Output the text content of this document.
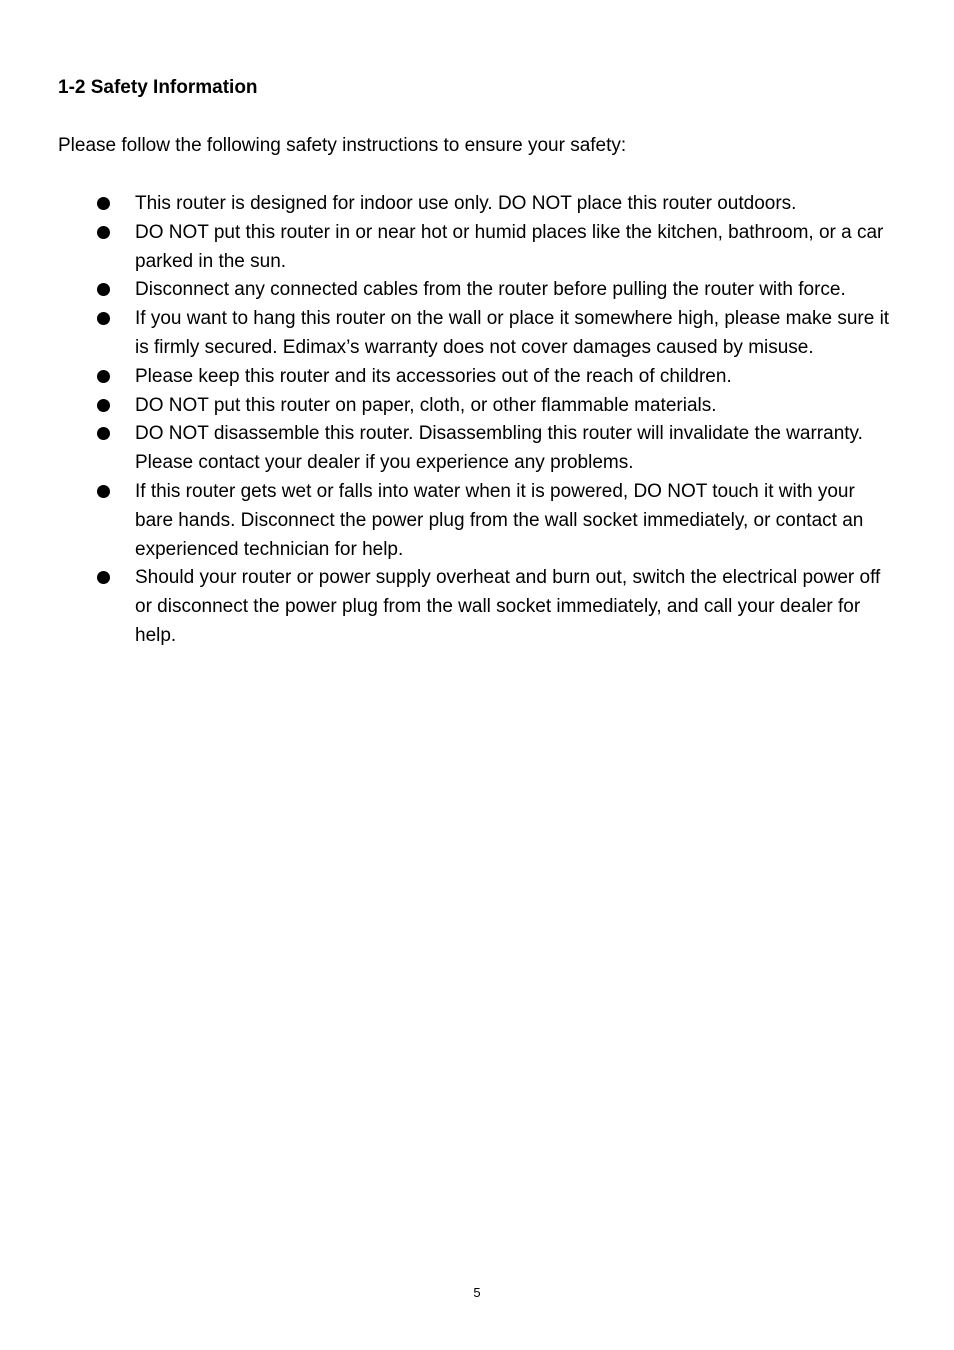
1-2 Safety Information

Please follow the following safety instructions to ensure your safety:

This router is designed for indoor use only. DO NOT place this router outdoors.
DO NOT put this router in or near hot or humid places like the kitchen, bathroom, or a car parked in the sun.
Disconnect any connected cables from the router before pulling the router with force.
If you want to hang this router on the wall or place it somewhere high, please make sure it is firmly secured. Edimax’s warranty does not cover damages caused by misuse.
Please keep this router and its accessories out of the reach of children.
DO NOT put this router on paper, cloth, or other flammable materials.
DO NOT disassemble this router. Disassembling this router will invalidate the warranty. Please contact your dealer if you experience any problems.
If this router gets wet or falls into water when it is powered, DO NOT touch it with your bare hands. Disconnect the power plug from the wall socket immediately, or contact an experienced technician for help.
Should your router or power supply overheat and burn out, switch the electrical power off or disconnect the power plug from the wall socket immediately, and call your dealer for help.
5
